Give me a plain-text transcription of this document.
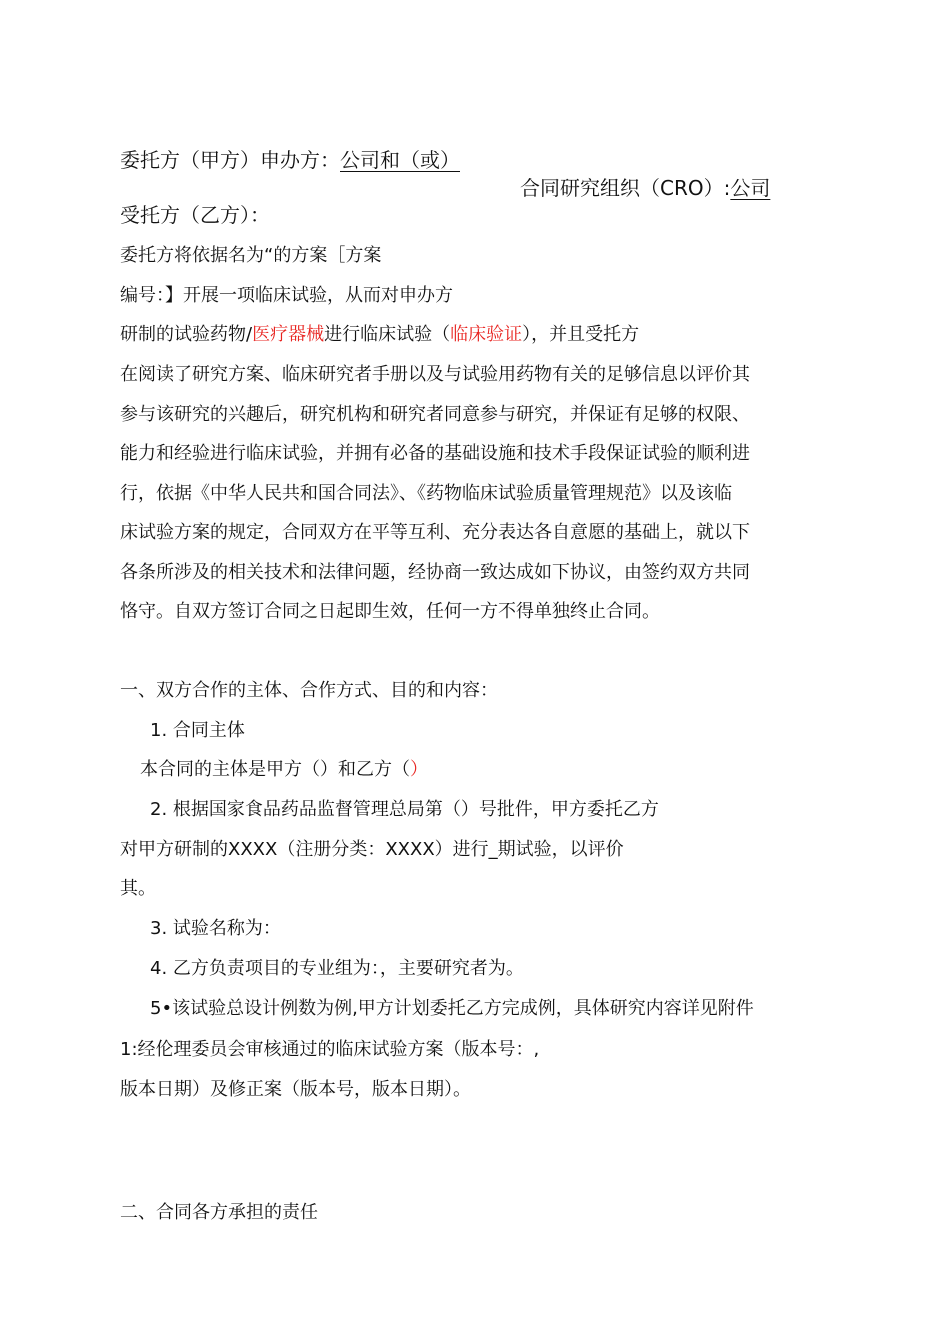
委托方（甲方）申办方：公司和（或）
合同研究组织（CRO）:公司
受托方（乙方）：
委托方将依据名为“的方案［方案
编号：】开展一项临床试验，从而对申办方
研制的试验药物/医疗器械进行临床试验（临床验证），并且受托方
在阅读了研究方案、临床研究者手册以及与试验用药物有关的足够信息以评价其
参与该研究的兴趣后，研究机构和研究者同意参与研究，并保证有足够的权限、
能力和经验进行临床试验，并拥有必备的基础设施和技术手段保证试验的顺利进
行，依据《中华人民共和国合同法》、《药物临床试验质量管理规范》以及该临
床试验方案的规定，合同双方在平等互利、充分表达各自意愿的基础上，就以下
各条所涉及的相关技术和法律问题，经协商一致达成如下协议，由签约双方共同
恪守。自双方签订合同之日起即生效，任何一方不得单独终止合同。
一、双方合作的主体、合作方式、目的和内容：
1. 合同主体
本合同的主体是甲方（）和乙方（）
2. 根据国家食品药品监督管理总局第（）号批件，甲方委托乙方
对甲方研制的XXXX（注册分类：XXXX）进行_期试验，以评价
其。
3. 试验名称为：
4. 乙方负责项目的专业组为：，主要研究者为。
5•该试验总设计例数为例,甲方计划委托乙方完成例，具体研究内容详见附件
1:经伦理委员会审核通过的临床试验方案（版本号：,
版本日期）及修正案（版本号，版本日期）。
二、合同各方承担的责任
